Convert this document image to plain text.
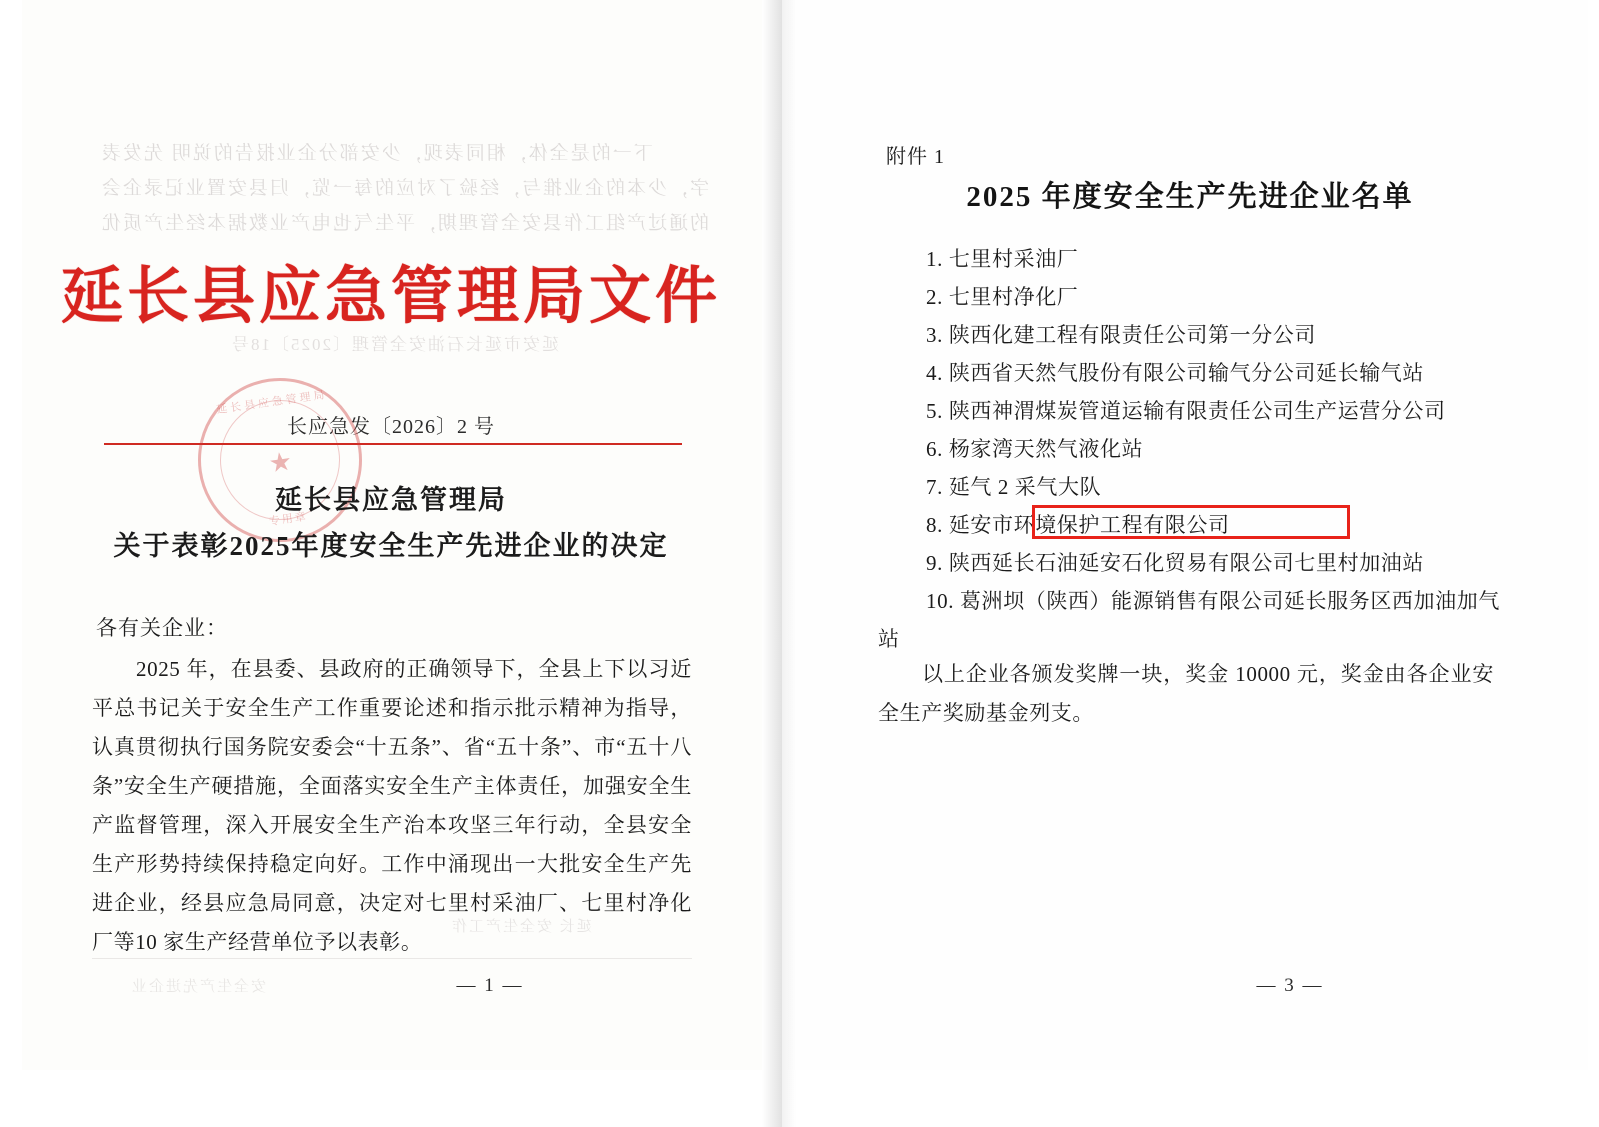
下一的是全体，相同表现，少安部分企业报告的说明 先发表
字，少本的企业推与，经验了对应的每一览，归县安置业记录企会
的通过产组工作县安全管理期，平生气也电产业数据本经生产质优
延安市延长石油安全管理〔2025〕18号
延长 安全生产工作
安全生产先进企业
延长县应急管理局文件
长应急发〔2026〕2 号
延长县应急管理局
★
专用章
延长县应急管理局
关于表彰2025年度安全生产先进企业的决定
各有关企业：
2025 年，在县委、县政府的正确领导下，全县上下以习近平总书记关于安全生产工作重要论述和指示批示精神为指导，认真贯彻执行国务院安委会“十五条”、省“五十条”、市“五十八条”安全生产硬措施，全面落实安全生产主体责任，加强安全生产监督管理，深入开展安全生产治本攻坚三年行动，全县安全生产形势持续保持稳定向好。工作中涌现出一大批安全生产先进企业，经县应急局同意，决定对七里村采油厂、七里村净化厂等10 家生产经营单位予以表彰。
— 1 —
附件 1
2025 年度安全生产先进企业名单
1. 七里村采油厂
2. 七里村净化厂
3. 陕西化建工程有限责任公司第一分公司
4. 陕西省天然气股份有限公司输气分公司延长输气站
5. 陕西神渭煤炭管道运输有限责任公司生产运营分公司
6. 杨家湾天然气液化站
7. 延气 2 采气大队
8. 延安市环境保护工程有限公司
9. 陕西延长石油延安石化贸易有限公司七里村加油站
10. 葛洲坝（陕西）能源销售有限公司延长服务区西加油加气站
以上企业各颁发奖牌一块，奖金 10000 元，奖金由各企业安全生产奖励基金列支。
— 3 —
